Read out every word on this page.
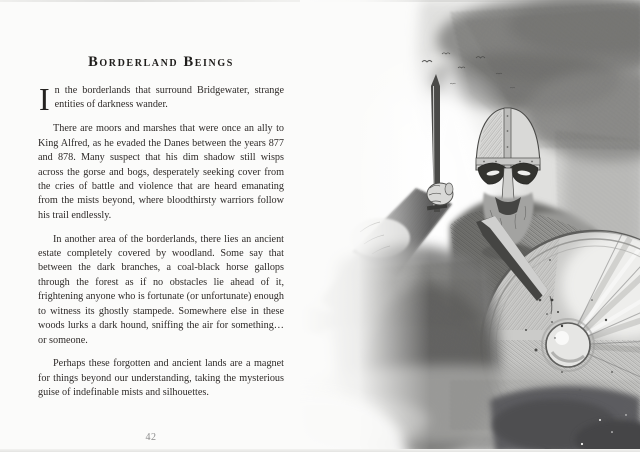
Borderland Beings

In the borderlands that surround Bridgewater, strange entities of darkness wander.

There are moors and marshes that were once an ally to King Alfred, as he evaded the Danes between the years 877 and 878. Many suspect that his dim shadow still wisps across the gorse and bogs, desperately seeking cover from the cries of battle and violence that are heard emanating from the mists beyond, where bloodthirsty warriors follow his trail endlessly.

In another area of the borderlands, there lies an ancient estate completely covered by woodland. Some say that between the dark branches, a coal-black horse gallops through the forest as if no obstacles lie ahead of it, frightening anyone who is fortunate (or unfortunate) enough to witness its ghostly stampede. Somewhere else in these woods lurks a dark hound, sniffing the air for something…or someone.

Perhaps these forgotten and ancient lands are a magnet for things beyond our understanding, taking the mysterious guise of indefinable mists and silhouettes.

42
